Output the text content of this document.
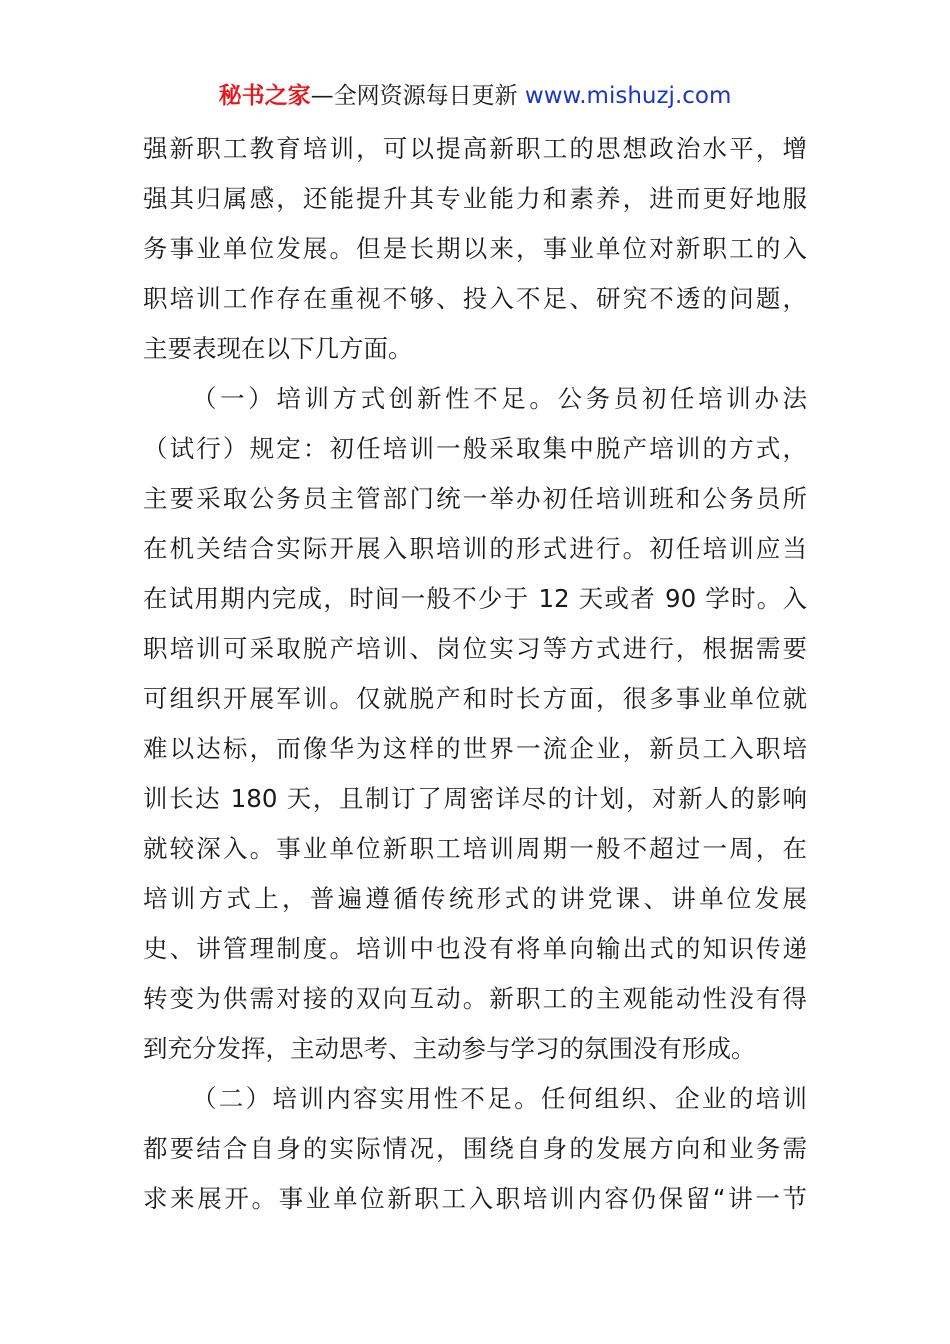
秘书之家—全网资源每日更新 www.mishuzj.com
强新职工教育培训，可以提高新职工的思想政治水平，增
强其归属感，还能提升其专业能力和素养，进而更好地服
务事业单位发展。但是长期以来，事业单位对新职工的入
职培训工作存在重视不够、投入不足、研究不透的问题，
主要表现在以下几方面。
（一）培训方式创新性不足。公务员初任培训办法
（试行）规定：初任培训一般采取集中脱产培训的方式，
主要采取公务员主管部门统一举办初任培训班和公务员所
在机关结合实际开展入职培训的形式进行。初任培训应当
在试用期内完成，时间一般不少于 12 天或者 90 学时。入
职培训可采取脱产培训、岗位实习等方式进行，根据需要
可组织开展军训。仅就脱产和时长方面，很多事业单位就
难以达标，而像华为这样的世界一流企业，新员工入职培
训长达 180 天，且制订了周密详尽的计划，对新人的影响
就较深入。事业单位新职工培训周期一般不超过一周，在
培训方式上，普遍遵循传统形式的讲党课、讲单位发展
史、讲管理制度。培训中也没有将单向输出式的知识传递
转变为供需对接的双向互动。新职工的主观能动性没有得
到充分发挥，主动思考、主动参与学习的氛围没有形成。
（二）培训内容实用性不足。任何组织、企业的培训
都要结合自身的实际情况，围绕自身的发展方向和业务需
求来展开。事业单位新职工入职培训内容仍保留“讲一节
